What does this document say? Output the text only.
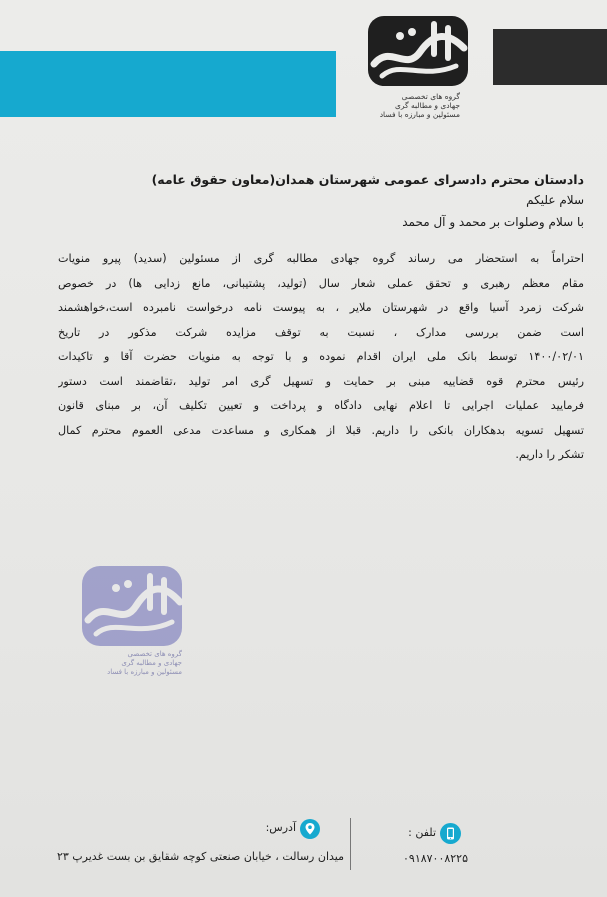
گروه های تخصصی
جهادی و مطالبه گری
مسئولین و مبارزه با فساد

دادستان محترم دادسرای عمومی شهرستان همدان(معاون حقوق عامه)

سلام علیکم

با سلام وصلوات بر محمد و آل محمد

احتراماً به استحضار می رساند گروه جهادی مطالبه گری از مسئولین (سدید) پیرو منویات

مقام معظم رهبری و تحقق عملی شعار سال (تولید، پشتیبانی، مانع زدایی ها) در خصوص

شرکت زمرد آسیا واقع در شهرستان ملایر ، به پیوست نامه درخواست نامبرده است،خواهشمند

است ضمن بررسی مدارک ، نسبت به توقف مزایده شرکت مذکور در تاریخ

۱۴۰۰/۰۲/۰۱ توسط بانک ملی ایران اقدام نموده و با توجه به منویات حضرت آقا و تاکیدات

رئیس محترم قوه قضاییه مبنی بر حمایت و تسهیل گری امر تولید ،تقاضمند است دستور

فرمایید عملیات اجرایی تا اعلام نهایی دادگاه و پرداخت و تعیین تکلیف آن، بر مبنای قانون

تسهیل تسویه بدهکاران بانکی را داریم. قبلا از همکاری و مساعدت مدعی العموم محترم کمال

تشکر را داریم.

گروه های تخصصی
جهادی و مطالبه گری
مسئولین و مبارزه با فساد
آدرس:
میدان رسالت ، خیابان صنعتی کوچه شقایق بن بست غدیرپ ۲۳
تلفن :
۰۹۱۸۷۰۰۸۲۲۵
